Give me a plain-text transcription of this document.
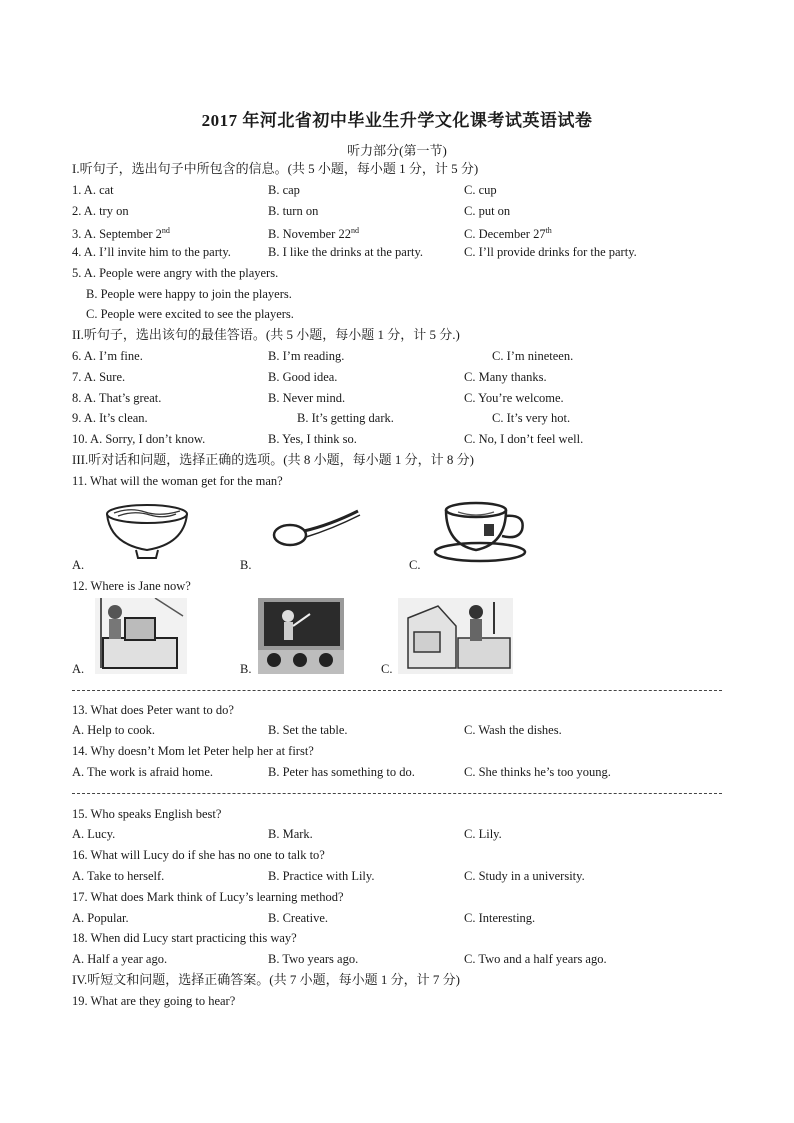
2017 年河北省初中毕业生升学文化课考试英语试卷
听力部分(第一节)
I.听句子，选出句子中所包含的信息。(共 5 小题，每小题 1 分，计 5 分)
1. A. cat	B. cap	C. cup
2. A. try on	B. turn on	C. put on
3. A. September 2nd	B. November 22nd	C. December 27th
4. A. I’ll invite him to the party.	B. I like the drinks at the party.	C. I’ll provide drinks for the party.
5. A. People were angry with the players.
B. People were happy to join the players.
C. People were excited to see the players.
II.听句子，选出该句的最佳答语。(共 5 小题，每小题 1 分，计 5 分.)
6. A. I’m fine.	B. I’m reading.	C. I’m nineteen.
7. A. Sure.	B. Good idea.	C. Many thanks.
8. A. That’s great.	B. Never mind.	C. You’re welcome.
9. A. It’s clean.	B. It’s getting dark.	C. It’s very hot.
10. A. Sorry, I don’t know.	B. Yes, I think so.	C. No, I don’t feel well.
III.听对话和问题，选择正确的选项。(共 8 小题，每小题 1 分，计 8 分)
11. What will the woman get for the man?
A.	B.	C.
12. Where is Jane now?
A.	B.	C.
13. What does Peter want to do?
A. Help to cook.	B. Set the table.	C. Wash the dishes.
14. Why doesn’t Mom let Peter help her at first?
A. The work is afraid home.	B. Peter has something to do.	C. She thinks he’s too young.
15. Who speaks English best?
A. Lucy.	B. Mark.	C. Lily.
16. What will Lucy do if she has no one to talk to?
A. Take to herself.	B. Practice with Lily.	C. Study in a university.
17. What does Mark think of Lucy’s learning method?
A. Popular.	B. Creative.	C. Interesting.
18. When did Lucy start practicing this way?
A. Half a year ago.	B. Two years ago.	C. Two and a half years ago.
IV.听短文和问题，选择正确答案。(共 7 小题，每小题 1 分，计 7 分)
19. What are they going to hear?
